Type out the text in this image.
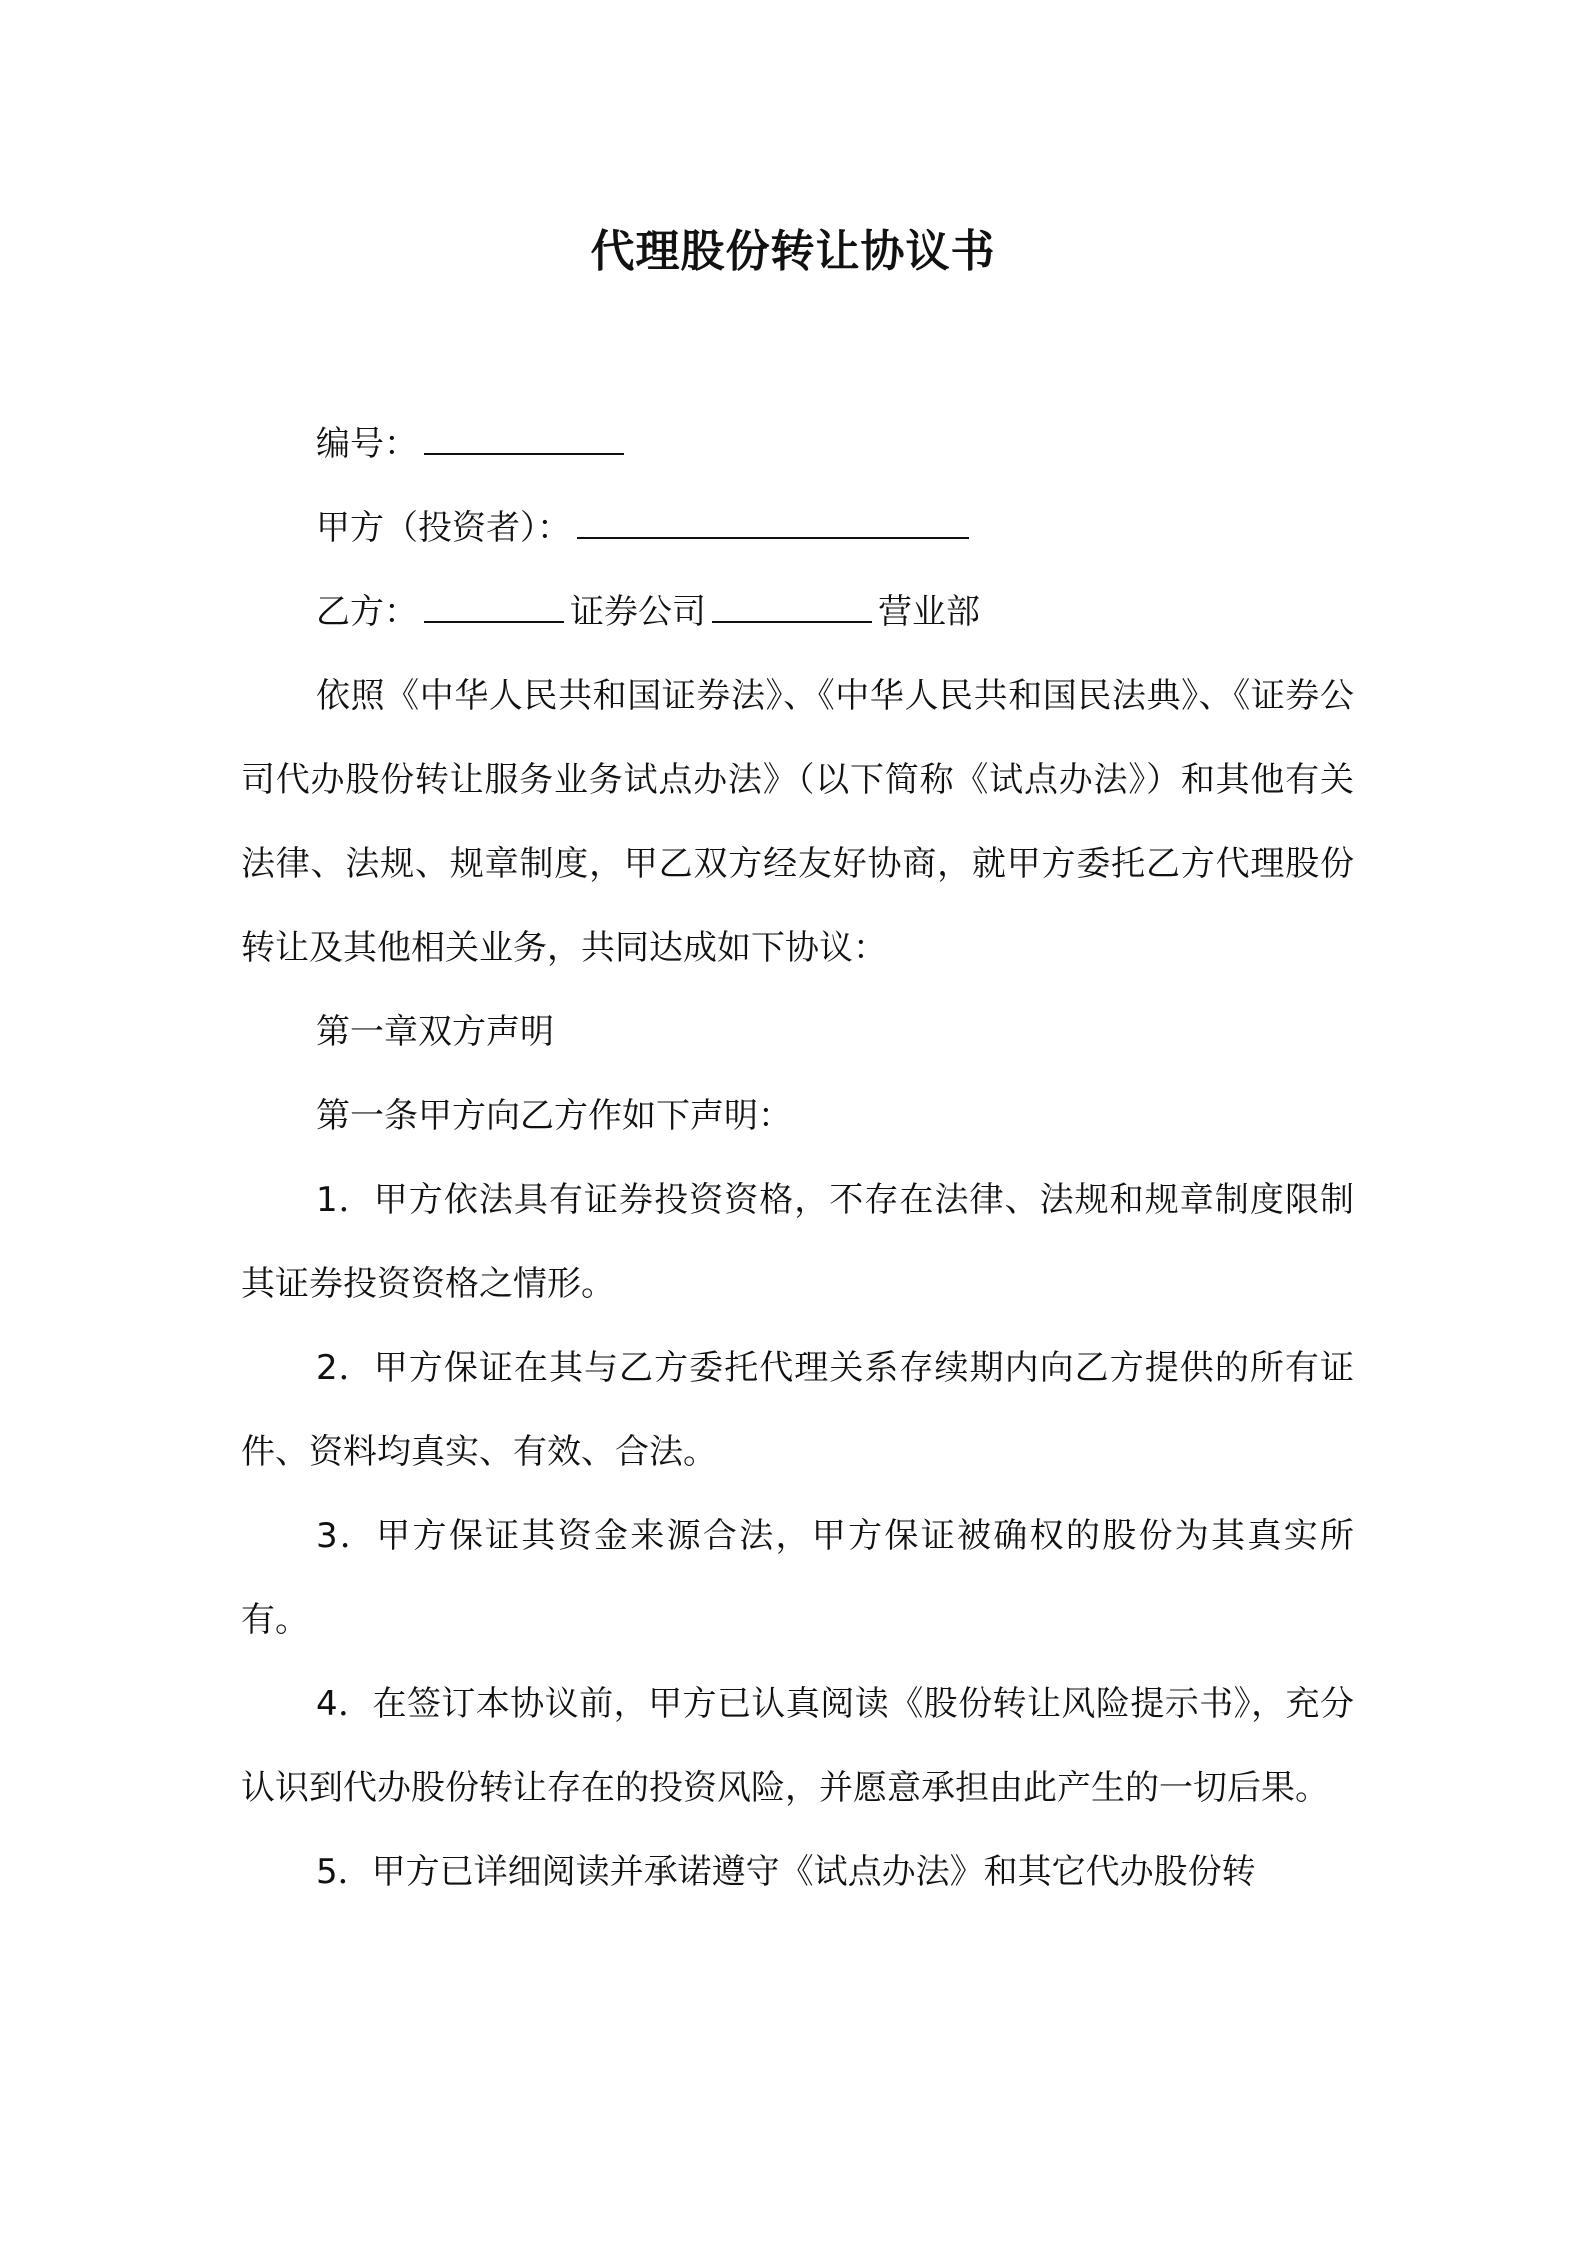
代理股份转让协议书

编号：

甲方（投资者）：

乙方：	证券公司	营业部

依照《中华人民共和国证券法》、《中华人民共和国民法典》、《证券公司代办股份转让服务业务试点办法》（以下简称《试点办法》）和其他有关法律、法规、规章制度，甲乙双方经友好协商，就甲方委托乙方代理股份转让及其他相关业务，共同达成如下协议：

第一章双方声明

第一条甲方向乙方作如下声明：

1．甲方依法具有证券投资资格，不存在法律、法规和规章制度限制其证券投资资格之情形。

2．甲方保证在其与乙方委托代理关系存续期内向乙方提供的所有证件、资料均真实、有效、合法。

3．甲方保证其资金来源合法，甲方保证被确权的股份为其真实所有。

4．在签订本协议前，甲方已认真阅读《股份转让风险提示书》，充分认识到代办股份转让存在的投资风险，并愿意承担由此产生的一切后果。

5．甲方已详细阅读并承诺遵守《试点办法》和其它代办股份转
